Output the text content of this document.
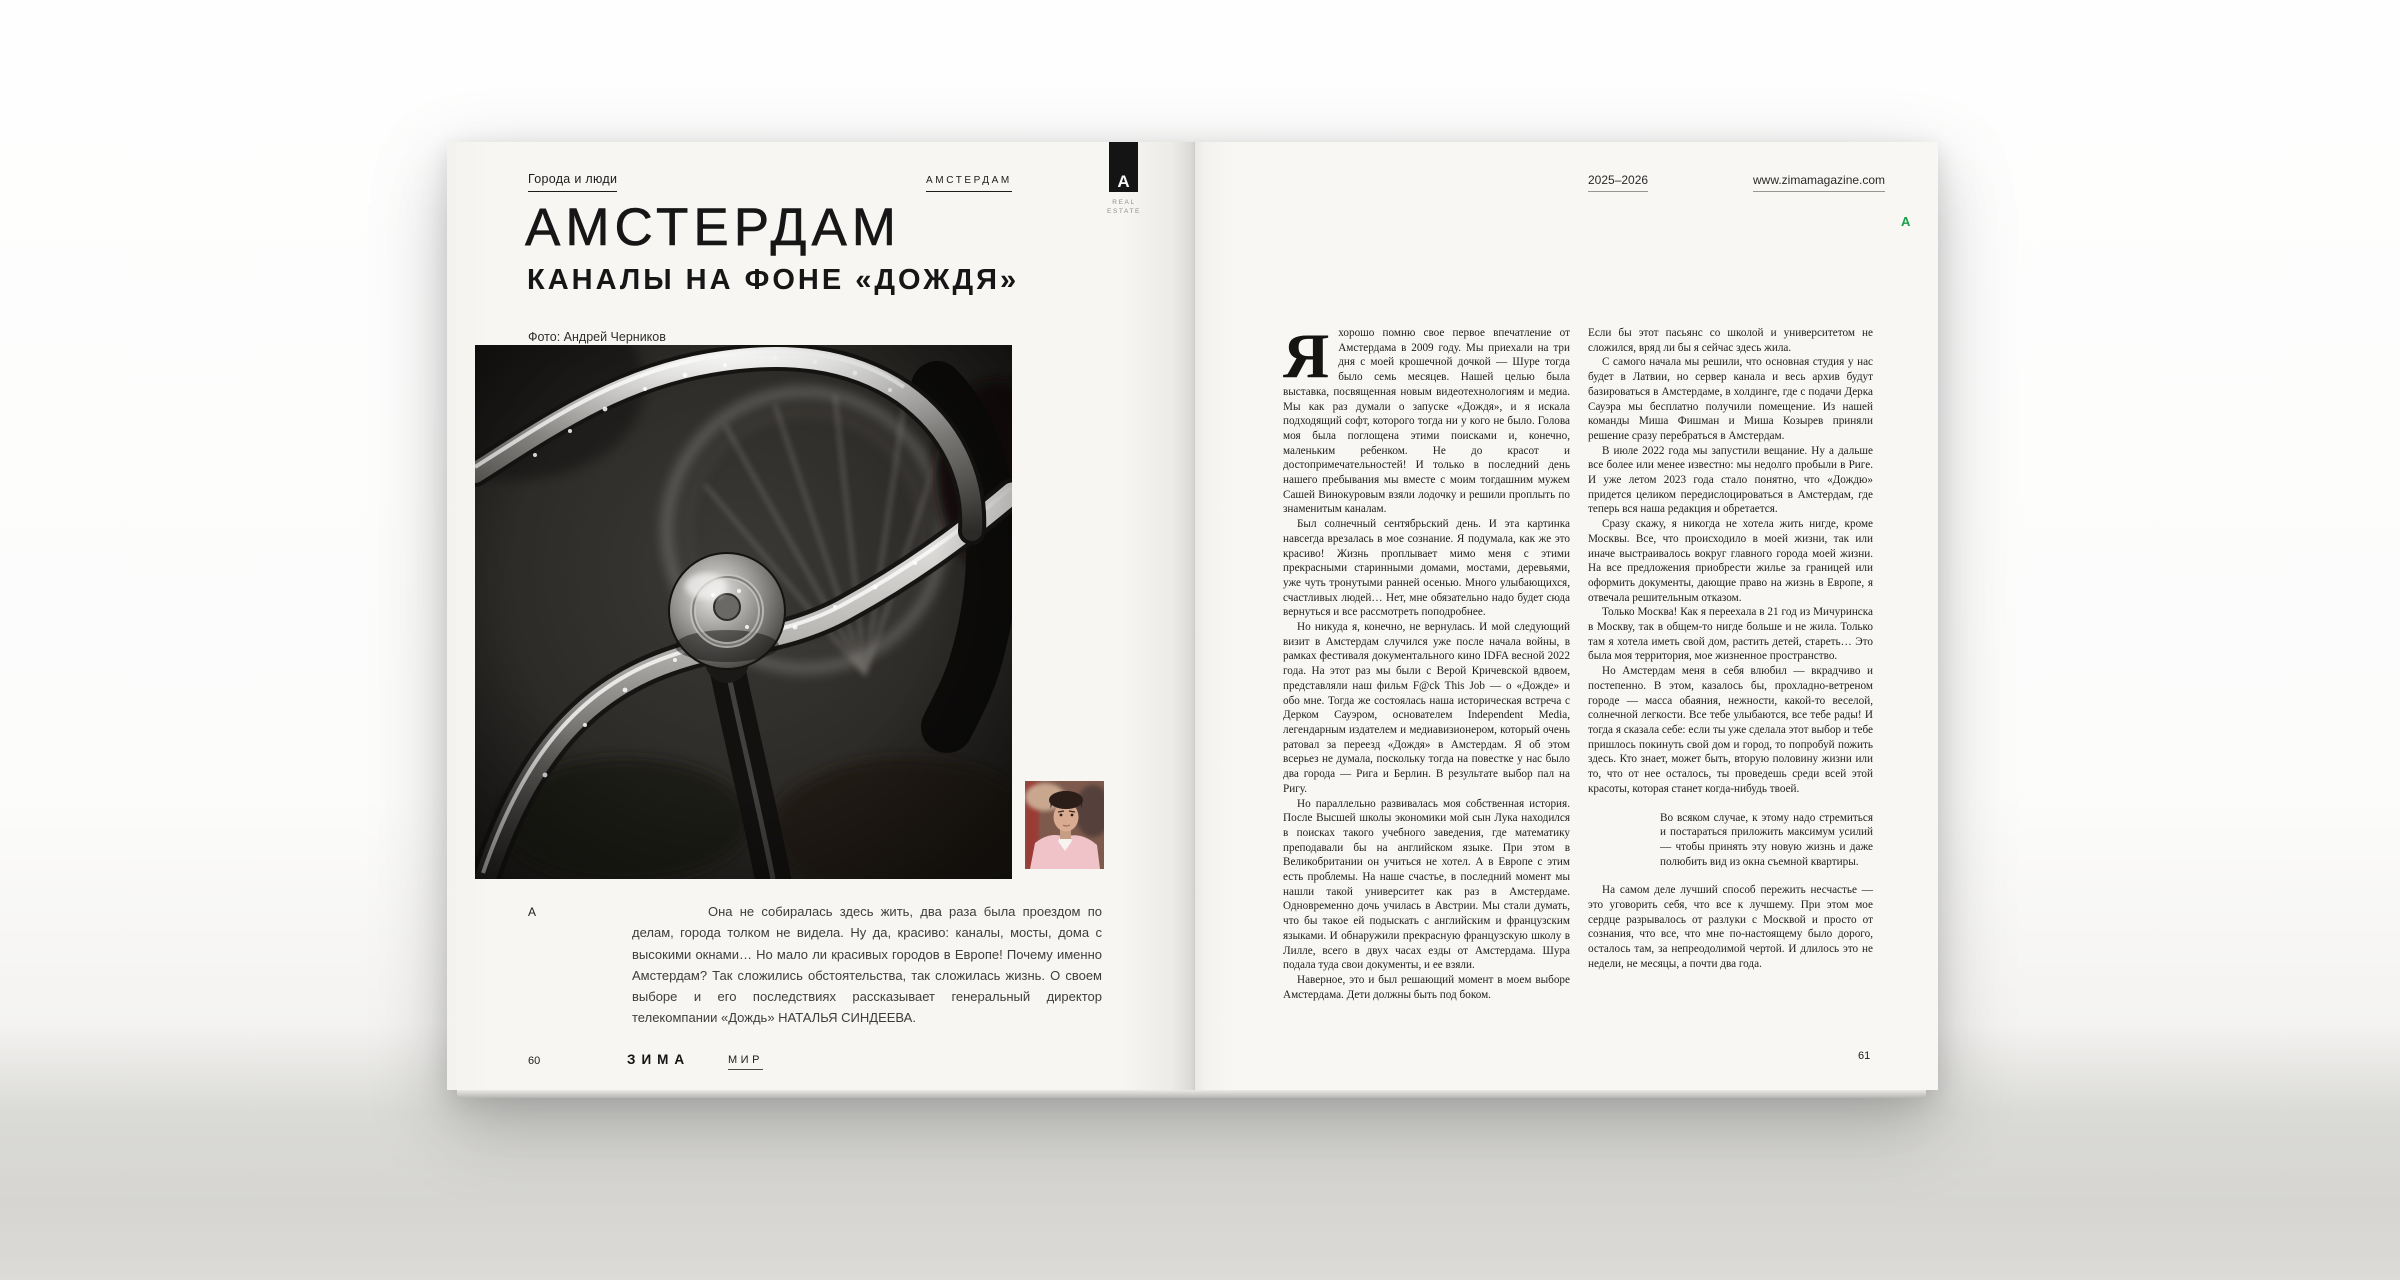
Города и люди	АМСТЕРДАМ	A
REAL
ESTATE
АМСТЕРДАМ
КАНАЛЫ НА ФОНЕ «ДОЖДЯ»
Фото: Андрей Черников
А	Она не собиралась здесь жить, два раза была проездом по делам, города толком не видела. Ну да, красиво: каналы, мосты, дома с высокими окнами… Но мало ли красивых городов в Европе! Почему именно Амстердам? Так сложились обстоятельства, так сложилась жизнь. О своем выборе и его последствиях рассказывает генеральный директор телекомпании «Дождь» НАТАЛЬЯ СИНДЕЕВА.
60	ЗИМА	МИР
2025–2026	www.zimamagazine.com
А

Яхорошо помню свое первое впечатление от Амстердама в 2009 году. Мы приехали на три дня с моей крошечной дочкой — Шуре тогда было семь месяцев. Нашей целью была выставка, посвященная новым видеотехнологиям и медиа. Мы как раз думали о запуске «Дождя», и я искала подходящий софт, которого тогда ни у кого не было. Голова моя была поглощена этими поисками и, конечно, маленьким ребенком. Не до красот и достопримечательностей! И только в последний день нашего пребывания мы вместе с моим тогдашним мужем Сашей Винокуровым взяли лодочку и решили проплыть по знаменитым каналам.

Был солнечный сентябрьский день. И эта картинка навсегда врезалась в мое сознание. Я подумала, как же это красиво! Жизнь проплывает мимо меня с этими прекрасными старинными домами, мостами, деревьями, уже чуть тронутыми ранней осенью. Много улыбающихся, счастливых людей… Нет, мне обязательно надо будет сюда вернуться и все рассмотреть поподробнее.

Но никуда я, конечно, не вернулась. И мой следующий визит в Амстердам случился уже после начала войны, в рамках фестиваля документального кино IDFA весной 2022 года. На этот раз мы были с Верой Кричевской вдвоем, представляли наш фильм F@ck This Job — о «Дожде» и обо мне. Тогда же состоялась наша историческая встреча с Дерком Сауэром, основателем Independent Media, легендарным издателем и медиавизионером, который очень ратовал за переезд «Дождя» в Амстердам. Я об этом всерьез не думала, поскольку тогда на повестке у нас было два города — Рига и Берлин. В результате выбор пал на Ригу.

Но параллельно развивалась моя собственная история. После Высшей школы экономики мой сын Лука находился в поисках такого учебного заведения, где математику преподавали бы на английском языке. При этом в Великобритании он учиться не хотел. А в Европе с этим есть проблемы. На наше счастье, в последний момент мы нашли такой университет как раз в Амстердаме. Одновременно дочь училась в Австрии. Мы стали думать, что бы такое ей подыскать с английским и французским языками. И обнаружили прекрасную французскую школу в Лилле, всего в двух часах езды от Амстердама. Шура подала туда свои документы, и ее взяли.

Наверное, это и был решающий момент в моем выборе Амстердама. Дети должны быть под боком.

Если бы этот пасьянс со школой и университетом не сложился, вряд ли бы я сейчас здесь жила.

С самого начала мы решили, что основная студия у нас будет в Латвии, но сервер канала и весь архив будут базироваться в Амстердаме, в холдинге, где с подачи Дерка Сауэра мы бесплатно получили помещение. Из нашей команды Миша Фишман и Миша Козырев приняли решение сразу перебраться в Амстердам.

В июле 2022 года мы запустили вещание. Ну а дальше все более или менее известно: мы недолго пробыли в Риге. И уже летом 2023 года стало понятно, что «Дождю» придется целиком передислоцироваться в Амстердам, где теперь вся наша редакция и обретается.

Сразу скажу, я никогда не хотела жить нигде, кроме Москвы. Все, что происходило в моей жизни, так или иначе выстраивалось вокруг главного города моей жизни. На все предложения приобрести жилье за границей или оформить документы, дающие право на жизнь в Европе, я отвечала решительным отказом.

Только Москва! Как я переехала в 21 год из Мичуринска в Москву, так в общем-то нигде больше и не жила. Только там я хотела иметь свой дом, растить детей, стареть… Это была моя территория, мое жизненное пространство.

Но Амстердам меня в себя влюбил — вкрадчиво и постепенно. В этом, казалось бы, прохладно-ветреном городе — масса обаяния, нежности, какой-то веселой, солнечной легкости. Все тебе улыбаются, все тебе рады! И тогда я сказала себе: если ты уже сделала этот выбор и тебе пришлось покинуть свой дом и город, то попробуй пожить здесь. Кто знает, может быть, вторую половину жизни или то, что от нее осталось, ты проведешь среди всей этой красоты, которая станет когда-нибудь твоей.

Во всяком случае, к этому надо стремиться и постараться приложить максимум усилий — чтобы принять эту новую жизнь и даже полюбить вид из окна съемной квартиры.

На самом деле лучший способ пережить несчастье — это уговорить себя, что все к лучшему. При этом мое сердце разрывалось от разлуки с Москвой и просто от сознания, что все, что мне по-настоящему было дорого, осталось там, за непреодолимой чертой. И длилось это не недели, не месяцы, а почти два года.

61
